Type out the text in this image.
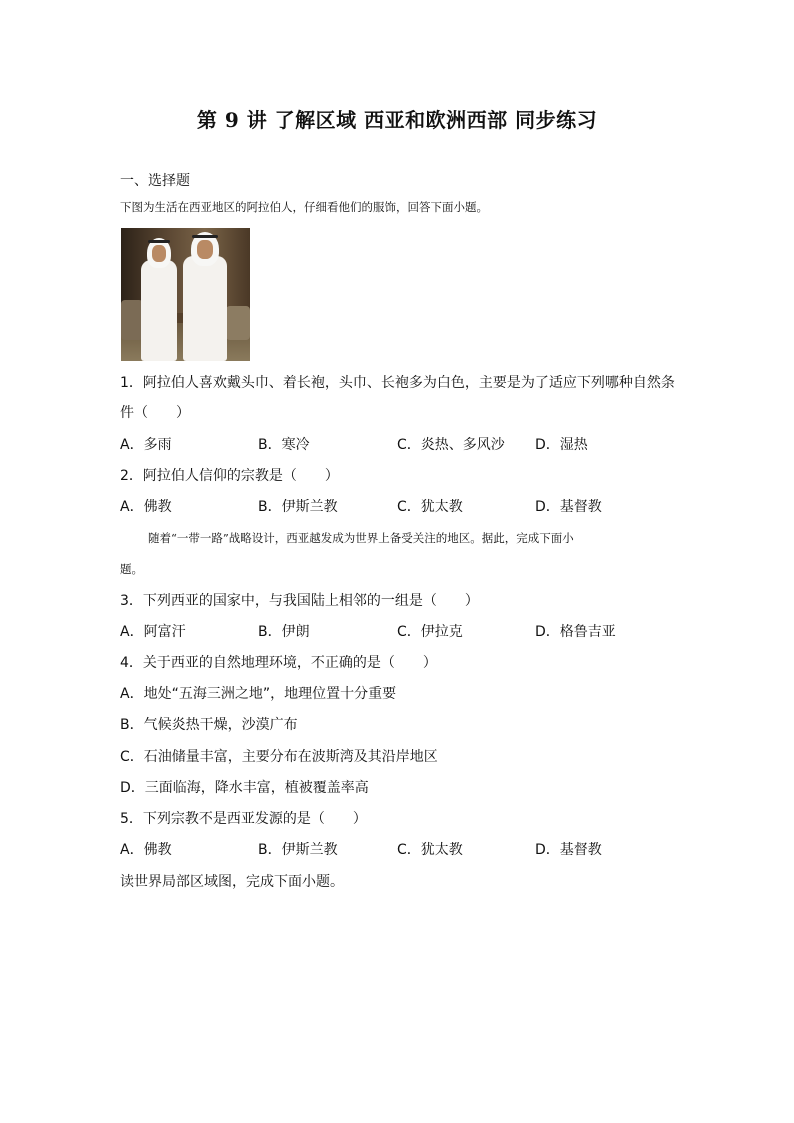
第 9 讲 了解区域 西亚和欧洲西部 同步练习
一、选择题
下图为生活在西亚地区的阿拉伯人，仔细看他们的服饰，回答下面小题。
1．阿拉伯人喜欢戴头巾、着长袍，头巾、长袍多为白色，主要是为了适应下列哪种自然条
件（　　）
A．多雨	B．寒冷	C．炎热、多风沙 D．湿热
2．阿拉伯人信仰的宗教是（　　）
A．佛教	B．伊斯兰教	C．犹太教	D．基督教
随着“一带一路”战略设计，西亚越发成为世界上备受关注的地区。据此，完成下面小
题。
3．下列西亚的国家中，与我国陆上相邻的一组是（　　）
A．阿富汗	B．伊朗	C．伊拉克	D．格鲁吉亚
4．关于西亚的自然地理环境，不正确的是（　　）
A．地处“五海三洲之地”，地理位置十分重要
B．气候炎热干燥，沙漠广布
C．石油储量丰富，主要分布在波斯湾及其沿岸地区
D．三面临海，降水丰富，植被覆盖率高
5．下列宗教不是西亚发源的是（　　）
A．佛教	B．伊斯兰教	C．犹太教	D．基督教
读世界局部区域图，完成下面小题。
